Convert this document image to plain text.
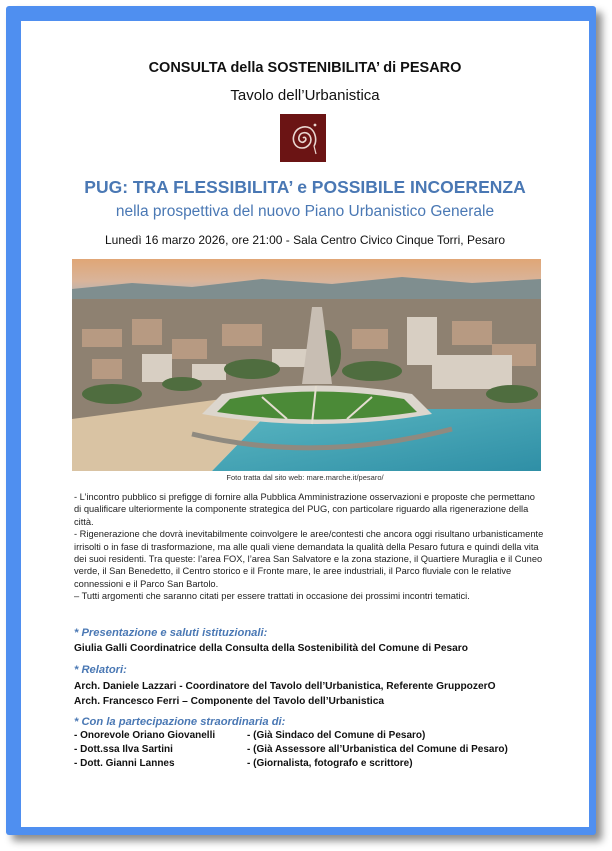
CONSULTA della SOSTENIBILITA’ di PESARO
Tavolo dell’Urbanistica
PUG: TRA FLESSIBILITA’ e POSSIBILE INCOERENZA
nella prospettiva del nuovo Piano Urbanistico Generale
Lunedì 16 marzo 2026, ore 21:00 - Sala Centro Civico Cinque Torri, Pesaro
Foto tratta dal sito web: mare.marche.it/pesaro/

- L’incontro pubblico si prefigge di fornire alla Pubblica Amministrazione osservazioni e proposte che permettano di qualificare ulteriormente la componente strategica del PUG, con particolare riguardo alla rigenerazione della città.

- Rigenerazione che dovrà inevitabilmente coinvolgere le aree/contesti che ancora oggi risultano urbanisticamente irrisolti o in fase di trasformazione, ma alle quali viene demandata la qualità della Pesaro futura e quindi della vita dei suoi residenti. Tra queste: l’area FOX, l’area San Salvatore e la zona stazione, il Quartiere Muraglia e il Cuneo verde, il San Benedetto, il Centro storico e il Fronte mare, le aree industriali, il Parco fluviale con le relative connessioni e il Parco San Bartolo.

– Tutti argomenti che saranno citati per essere trattati in occasione dei prossimi incontri tematici.

* Presentazione e saluti istituzionali:
Giulia Galli Coordinatrice della Consulta della Sostenibilità del Comune di Pesaro
* Relatori:
Arch. Daniele Lazzari - Coordinatore del Tavolo dell’Urbanistica, Referente GruppozerO
Arch. Francesco Ferri – Componente del Tavolo dell’Urbanistica
* Con la partecipazione straordinaria di:
- Onorevole Oriano Giovanelli	- (Già Sindaco del Comune di Pesaro)
- Dott.ssa Ilva Sartini	- (Già Assessore all’Urbanistica del Comune di Pesaro)
- Dott. Gianni Lannes	- (Giornalista, fotografo e scrittore)
